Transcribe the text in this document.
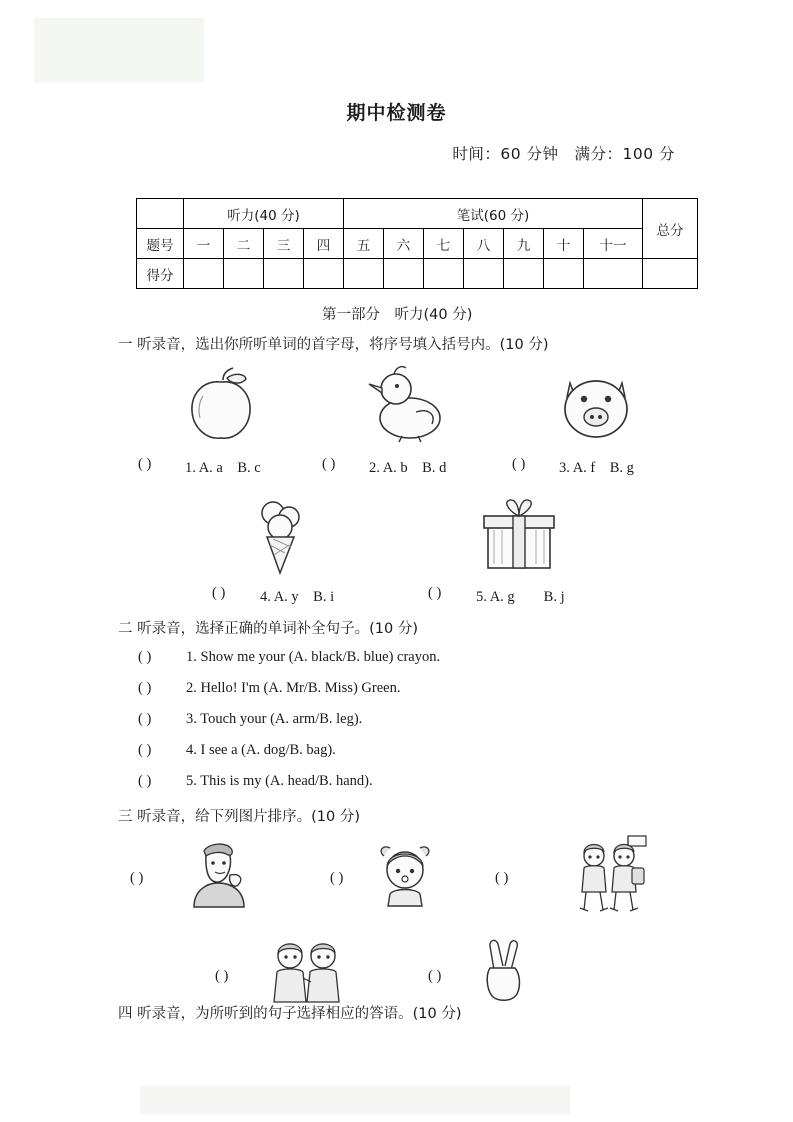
期中检测卷
时间：60 分钟　满分：100 分
	听力(40 分)				笔试(60 分)							总分
题号	一	二	三	四	五	六	七	八	九	十	十一	
得分												
第一部分　听力(40 分)
一 听录音，选出你所听单词的首字母，将序号填入括号内。(10 分)
( ) 1. A. a　B. c	( ) 2. A. b　B. d	( ) 3. A. f　B. g
( ) 4. A. y　B. i	( ) 5. A. g　　B. j
二 听录音，选择正确的单词补全句子。(10 分)
( ) 1. Show me your (A. black/B. blue) crayon.
( ) 2. Hello! I'm (A. Mr/B. Miss) Green.
( ) 3. Touch your (A. arm/B. leg).
( ) 4. I see a (A. dog/B. bag).
( ) 5. This is my (A. head/B. hand).
三 听录音，给下列图片排序。(10 分)
( )	( )	( )
( )	( )
四 听录音，为所听到的句子选择相应的答语。(10 分)
